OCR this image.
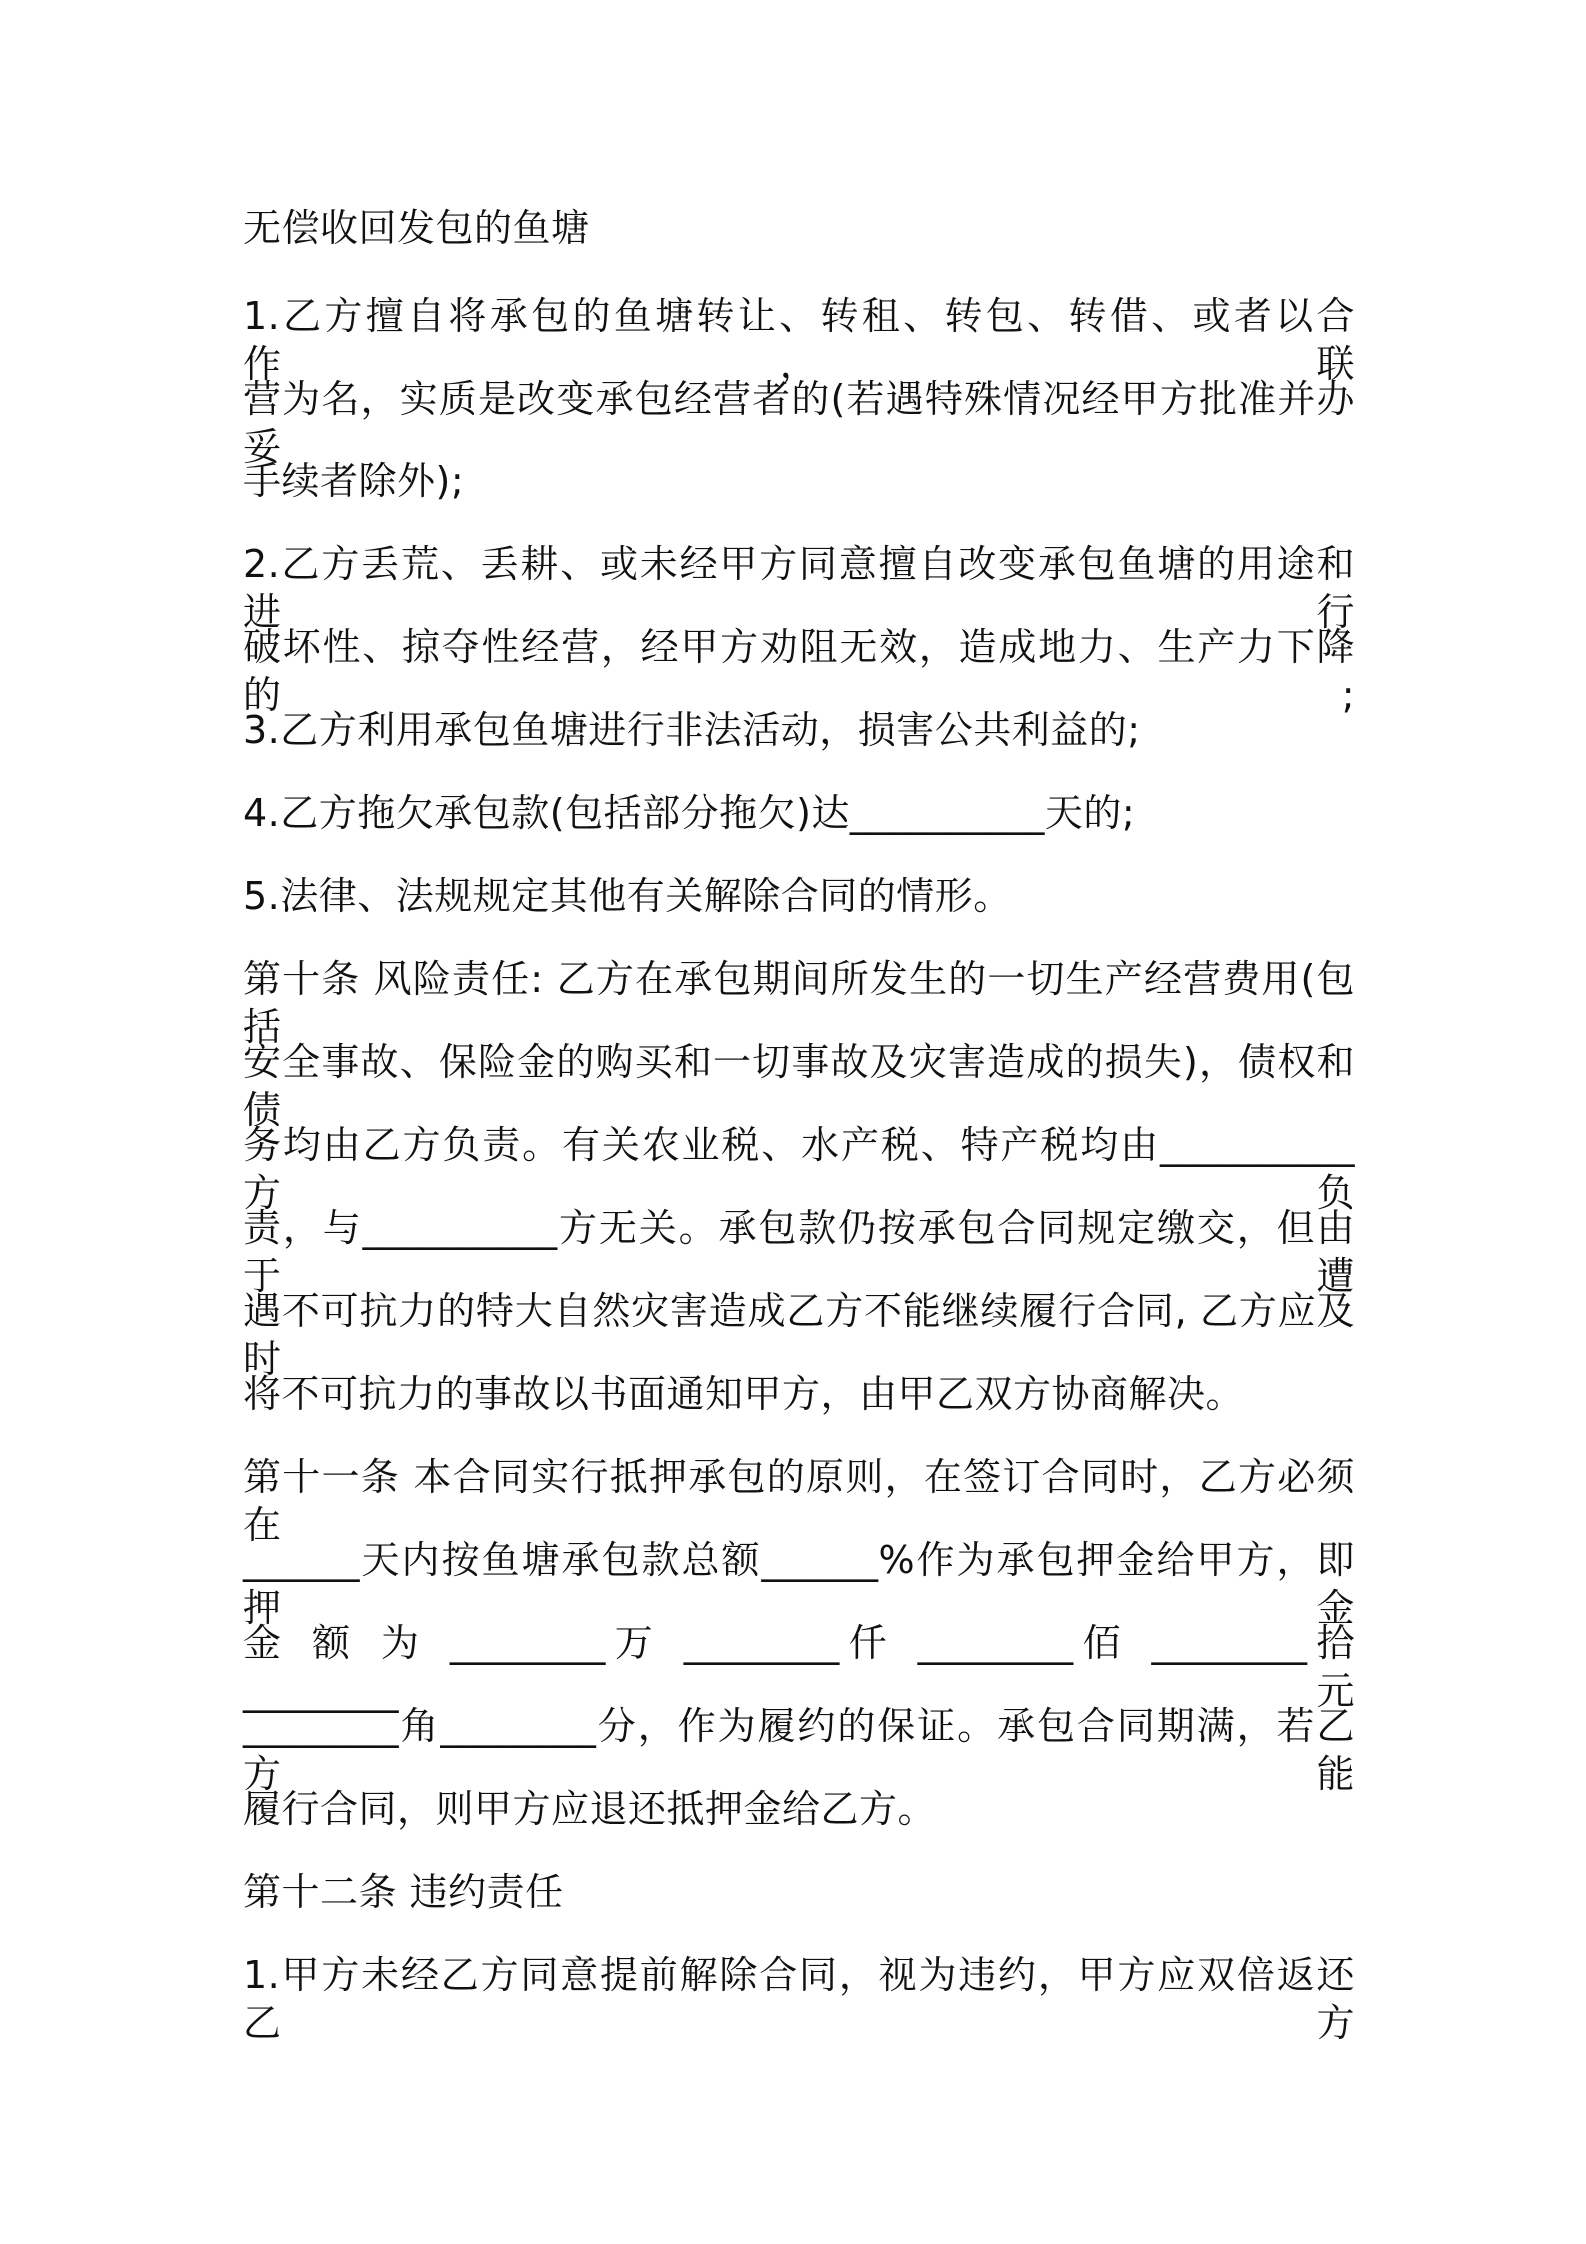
无偿收回发包的鱼塘
1.乙方擅自将承包的鱼塘转让、转租、转包、转借、或者以合作，联
营为名，实质是改变承包经营者的(若遇特殊情况经甲方批准并办妥
手续者除外);
2.乙方丢荒、丢耕、或未经甲方同意擅自改变承包鱼塘的用途和进行
破坏性、掠夺性经营，经甲方劝阻无效，造成地力、生产力下降的;
3.乙方利用承包鱼塘进行非法活动，损害公共利益的;
4.乙方拖欠承包款(包括部分拖欠)达__________天的;
5.法律、法规规定其他有关解除合同的情形。
第十条 风险责任: 乙方在承包期间所发生的一切生产经营费用(包括
安全事故、保险金的购买和一切事故及灾害造成的损失)，债权和债
务均由乙方负责。有关农业税、水产税、特产税均由__________方负
责，与__________方无关。承包款仍按承包合同规定缴交，但由于遭
遇不可抗力的特大自然灾害造成乙方不能继续履行合同, 乙方应及时
将不可抗力的事故以书面通知甲方，由甲乙双方协商解决。
第十一条 本合同实行抵押承包的原则，在签订合同时，乙方必须在
______天内按鱼塘承包款总额______%作为承包押金给甲方，即押金
金 额 为 ________万 ________仟 ________佰 ________拾 ________元
________角________分，作为履约的保证。承包合同期满，若乙方能
履行合同，则甲方应退还抵押金给乙方。
第十二条 违约责任
1.甲方未经乙方同意提前解除合同，视为违约，甲方应双倍返还乙方
